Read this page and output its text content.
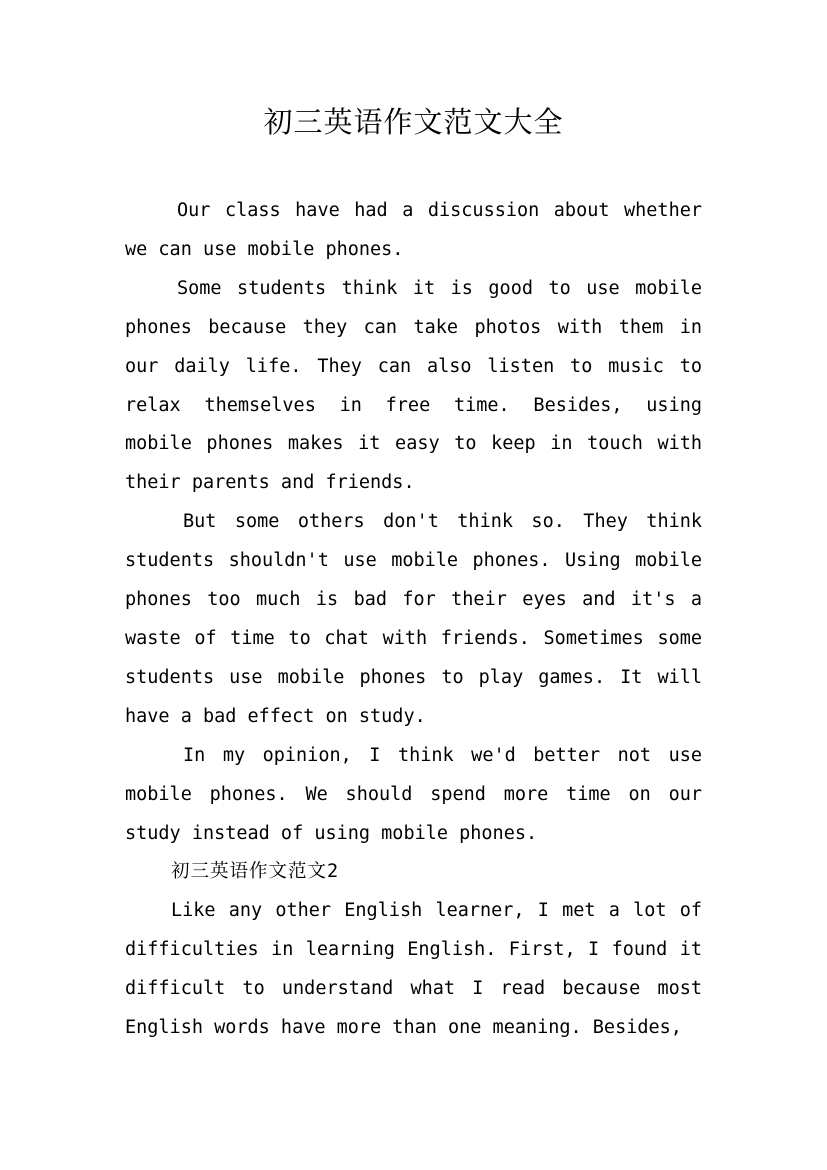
初三英语作文范文大全

Our class have had a discussion about whether we can use mobile phones.

Some students think it is good to use mobile phones because they can take photos with them in our daily life. They can also listen to music to relax themselves in free time. Besides, using mobile phones makes it easy to keep in touch with their parents and friends.

But some others don't think so. They think students shouldn't use mobile phones. Using mobile phones too much is bad for their eyes and it's a waste of time to chat with friends. Sometimes some students use mobile phones to play games. It will have a bad effect on study.

In my opinion, I think we'd better not use mobile phones. We should spend more time on our study instead of using mobile phones.

初三英语作文范文2

Like any other English learner, I met a lot of difficulties in learning English. First, I found it difficult to understand what I read because most English words have more than one meaning. Besides,
